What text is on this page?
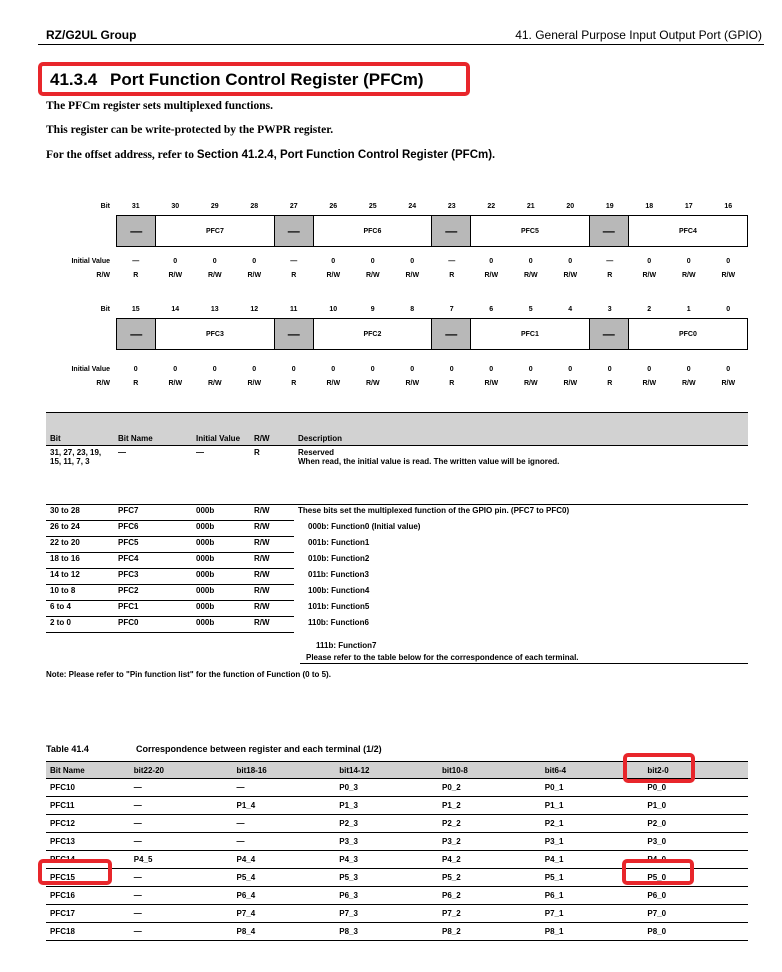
RZ/G2UL Group	41. General Purpose Input Output Port (GPIO)
41.3.4 Port Function Control Register (PFCm)
The PFCm register sets multiplexed functions.
This register can be write-protected by the PWPR register.
For the offset address, refer to Section 41.2.4, Port Function Control Register (PFCm).
Bit	31	30	29	28	27	26	25	24	23	22	21	20	19	18	17	16
—	PFC7	—	PFC6	—	PFC5	—	PFC4
Initial Value	—	0	0	0	—	0	0	0	—	0	0	0	—	0	0	0
R/W	R	R/W	R/W	R/W	R	R/W	R/W	R/W	R	R/W	R/W	R/W	R	R/W	R/W	R/W
Bit	15	14	13	12	11	10	9	8	7	6	5	4	3	2	1	0
—	PFC3	—	PFC2	—	PFC1	—	PFC0
Initial Value	0	0	0	0	0	0	0	0	0	0	0	0	0	0	0	0
R/W	R	R/W	R/W	R/W	R	R/W	R/W	R/W	R	R/W	R/W	R/W	R	R/W	R/W	R/W
Bit	Bit Name	Initial Value	R/W	Description
31, 27, 23, 19, 15, 11, 7, 3	—	—	R	Reserved
When read, the initial value is read. The written value will be ignored.

30 to 28	PFC7	000b	R/W	These bits set the multiplexed function of the GPIO pin. (PFC7 to PFC0)
26 to 24	PFC6	000b	R/W	000b: Function0 (Initial value)
22 to 20	PFC5	000b	R/W	001b: Function1
18 to 16	PFC4	000b	R/W	010b: Function2
14 to 12	PFC3	000b	R/W	011b: Function3
10 to 8	PFC2	000b	R/W	100b: Function4
6 to 4	PFC1	000b	R/W	101b: Function5
2 to 0	PFC0	000b	R/W	110b: Function6
111b: Function7
Please refer to the table below for the correspondence of each terminal.
Note: Please refer to "Pin function list" for the function of Function (0 to 5).
Table 41.4	Correspondence between register and each terminal (1/2)
Bit Name	bit22-20	bit18-16	bit14-12	bit10-8	bit6-4	bit2-0
PFC10	—	—	P0_3	P0_2	P0_1	P0_0
PFC11	—	P1_4	P1_3	P1_2	P1_1	P1_0
PFC12	—	—	P2_3	P2_2	P2_1	P2_0
PFC13	—	—	P3_3	P3_2	P3_1	P3_0
PFC14	P4_5	P4_4	P4_3	P4_2	P4_1	P4_0
PFC15	—	P5_4	P5_3	P5_2	P5_1	P5_0
PFC16	—	P6_4	P6_3	P6_2	P6_1	P6_0
PFC17	—	P7_4	P7_3	P7_2	P7_1	P7_0
PFC18	—	P8_4	P8_3	P8_2	P8_1	P8_0
